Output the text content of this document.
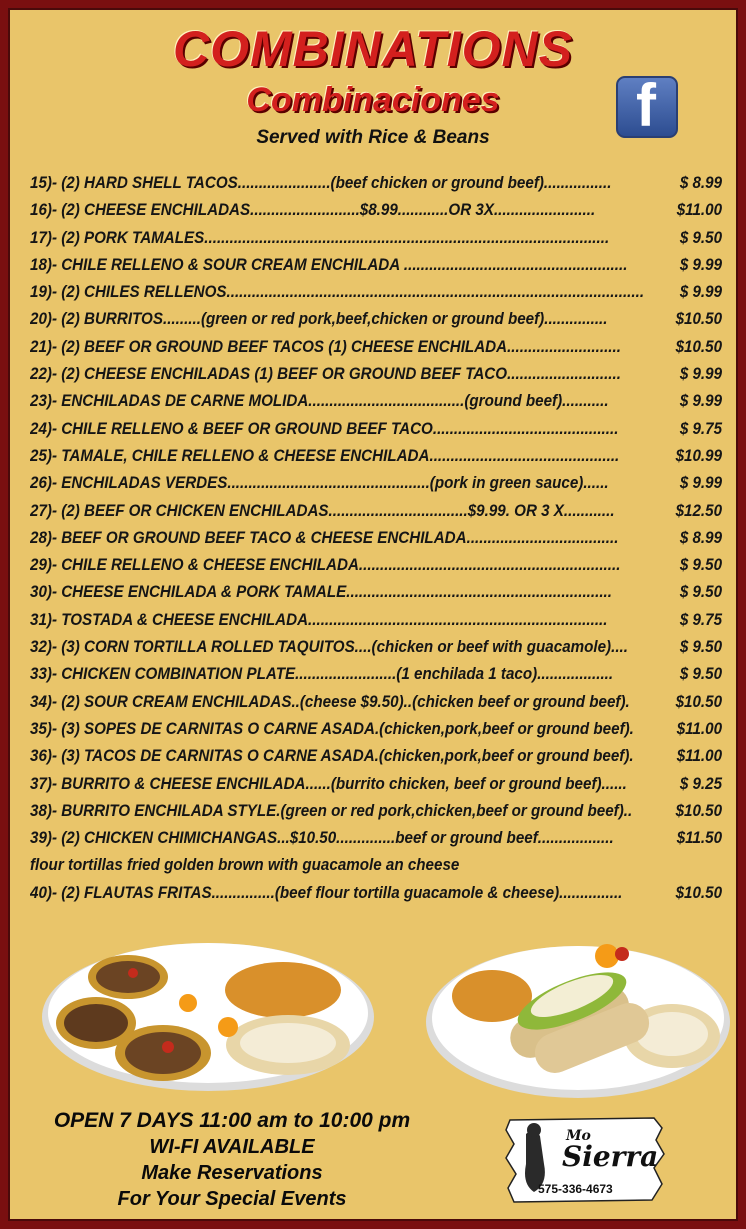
COMBINATIONS
Combinaciones
Served with Rice & Beans	f
15)- (2) HARD SHELL TACOS......................(beef chicken or ground beef)................	$ 8.99
16)- (2) CHEESE ENCHILADAS..........................$8.99............OR 3X........................	$11.00
17)- (2) PORK TAMALES................................................................................................	$ 9.50
18)- CHILE RELLENO & SOUR CREAM ENCHILADA .....................................................	$ 9.99
19)- (2) CHILES RELLENOS...................................................................................................	$ 9.99
20)- (2) BURRITOS.........(green or red pork,beef,chicken or ground beef)...............	$10.50
21)- (2) BEEF OR GROUND BEEF TACOS (1) CHEESE ENCHILADA...........................	$10.50
22)- (2) CHEESE ENCHILADAS (1) BEEF OR GROUND BEEF TACO...........................	$ 9.99
23)- ENCHILADAS DE CARNE MOLIDA.....................................(ground beef)...........	$ 9.99
24)- CHILE RELLENO & BEEF OR GROUND BEEF TACO............................................	$ 9.75
25)- TAMALE, CHILE RELLENO & CHEESE ENCHILADA.............................................	$10.99
26)- ENCHILADAS VERDES................................................(pork in green sauce)......	$ 9.99
27)- (2) BEEF OR CHICKEN ENCHILADAS.................................$9.99. OR 3 X............	$12.50
28)- BEEF OR GROUND BEEF TACO & CHEESE ENCHILADA....................................	$ 8.99
29)- CHILE RELLENO & CHEESE ENCHILADA..............................................................	$ 9.50
30)- CHEESE ENCHILADA & PORK TAMALE...............................................................	$ 9.50
31)- TOSTADA & CHEESE ENCHILADA.......................................................................	$ 9.75
32)- (3) CORN TORTILLA ROLLED TAQUITOS....(chicken or beef with guacamole)....	$ 9.50
33)- CHICKEN COMBINATION PLATE........................(1 enchilada 1 taco)..................	$ 9.50
34)- (2) SOUR CREAM ENCHILADAS..(cheese $9.50)..(chicken beef or ground beef).	$10.50
35)- (3) SOPES DE CARNITAS O CARNE ASADA.(chicken,pork,beef or ground beef).	$11.00
36)- (3) TACOS DE CARNITAS O CARNE ASADA.(chicken,pork,beef or ground beef).	$11.00
37)- BURRITO & CHEESE ENCHILADA......(burrito chicken, beef or ground beef)......	$ 9.25
38)- BURRITO ENCHILADA STYLE.(green or red pork,chicken,beef or ground beef)..	$10.50
39)- (2) CHICKEN CHIMICHANGAS...$10.50..............beef or ground beef..................	$11.50
flour tortillas fried golden brown with guacamole an cheese
40)- (2) FLAUTAS FRITAS...............(beef flour tortilla guacamole & cheese)...............	$10.50
OPEN 7 DAYS 11:00 am to 10:00 pm
WI-FI AVAILABLE
Make Reservations
For Your Special Events
Mo
Sierra
575-336-4673
